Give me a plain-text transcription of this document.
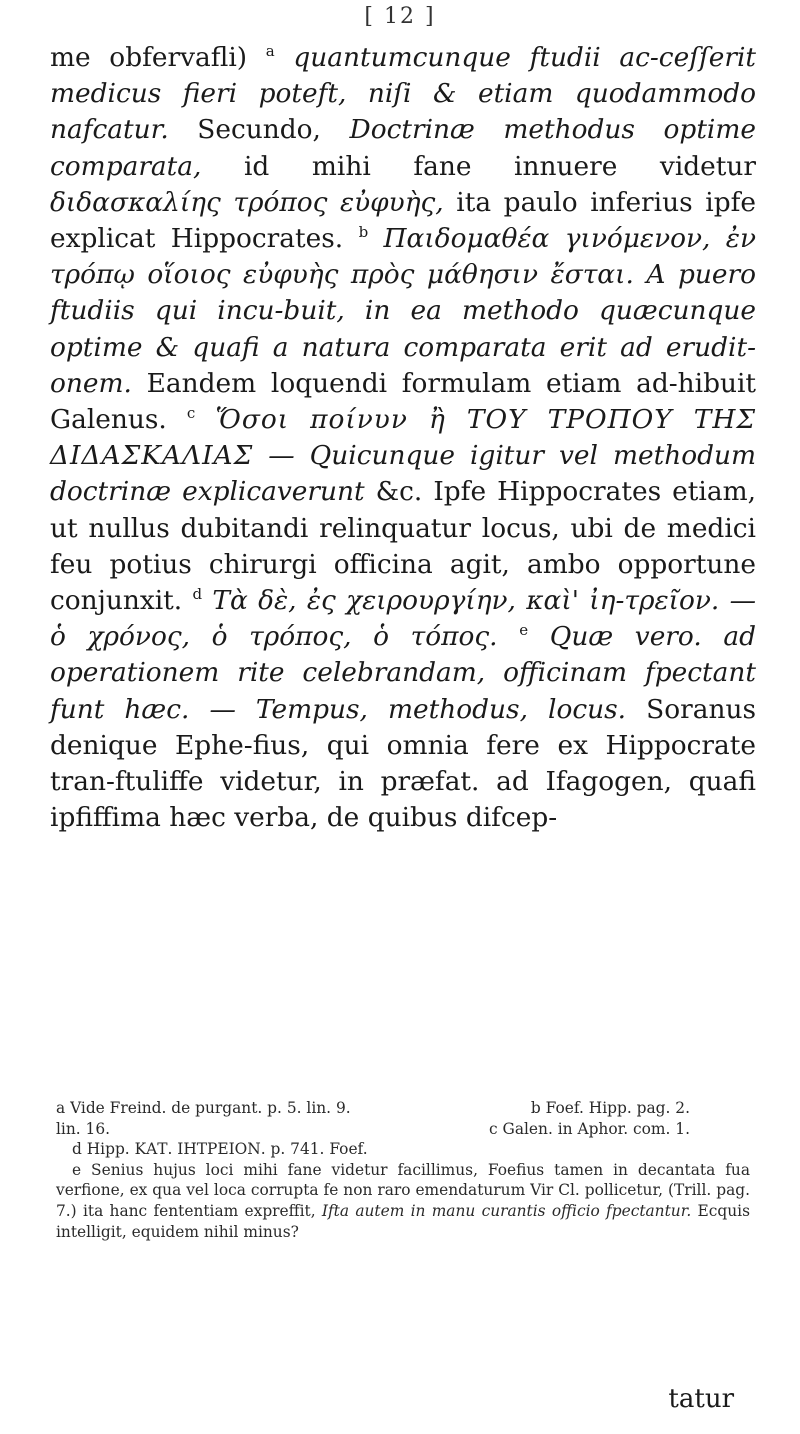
[ 12 ]

me obfervafli) $^a$ quantumcunque ftudii ac-ceſſerit medicus fieri poteft, niſi & etiam quodammodo nafcatur. Secundo, Doctrinæ methodus optime comparata, id mihi fane innuere videtur διδασκαλίης τρόπος εὐφυὴς, ita paulo inferius ipfe explicat Hippocrates. $^b$ Παιδομαθέα γινόμενον, ἐν τρόπῳ οἵοιος εὐφυὴς πρὸς μάθησιν ἔσται. A puero ftudiis qui incu-buit, in ea methodo quæcunque optime & quafi a natura comparata erit ad erudit-onem. Eandem loquendi formulam etiam ad-hibuit Galenus. $^c$ Ὅσοι ποίνυν ἢ ΤΟΥ ΤΡΟΠΟΥ ΤΗΣ ΔΙΔΑΣΚΑΛΙΑΣ — Quicunque igitur vel methodum doctrinæ explicaverunt &c. Ipfe Hippocrates etiam, ut nullus dubitandi relinquatur locus, ubi de medici feu potius chirurgi officina agit, ambo opportune conjunxit. $^d$ Τὰ δὲ, ἐς χειρουργίην, καὶ' ἰη-τρεῖον. — ὁ χρόνος, ὁ τρόπος, ὁ τόπος. $^e$ Quæ vero. ad operationem rite celebrandam, officinam fpectant funt hæc. — Tempus, methodus, locus. Soranus denique Ephe-fius, qui omnia fere ex Hippocrate tran-ftuliffe videtur, in præfat. ad Ifagogen, quafi ipfiffima hæc verba, de quibus difcep-

a Vide Freind. de purgant. p. 5. lin. 9.	b Foef. Hipp. pag. 2.
lin. 16.	c Galen. in Aphor. com. 1.

d Hipp. ΚΑΤ. ΙΗΤΡΕΙΟΝ. p. 741. Foef.

e Senius hujus loci mihi fane videtur facillimus, Foefius tamen in decantata fua verfione, ex qua vel loca corrupta fe non raro emendaturum Vir Cl. pollicetur, (Trill. pag. 7.) ita hanc fententiam expreffit, Ifta autem in manu curantis officio fpectantur. Ecquis intelligit, equidem nihil minus?

tatur
